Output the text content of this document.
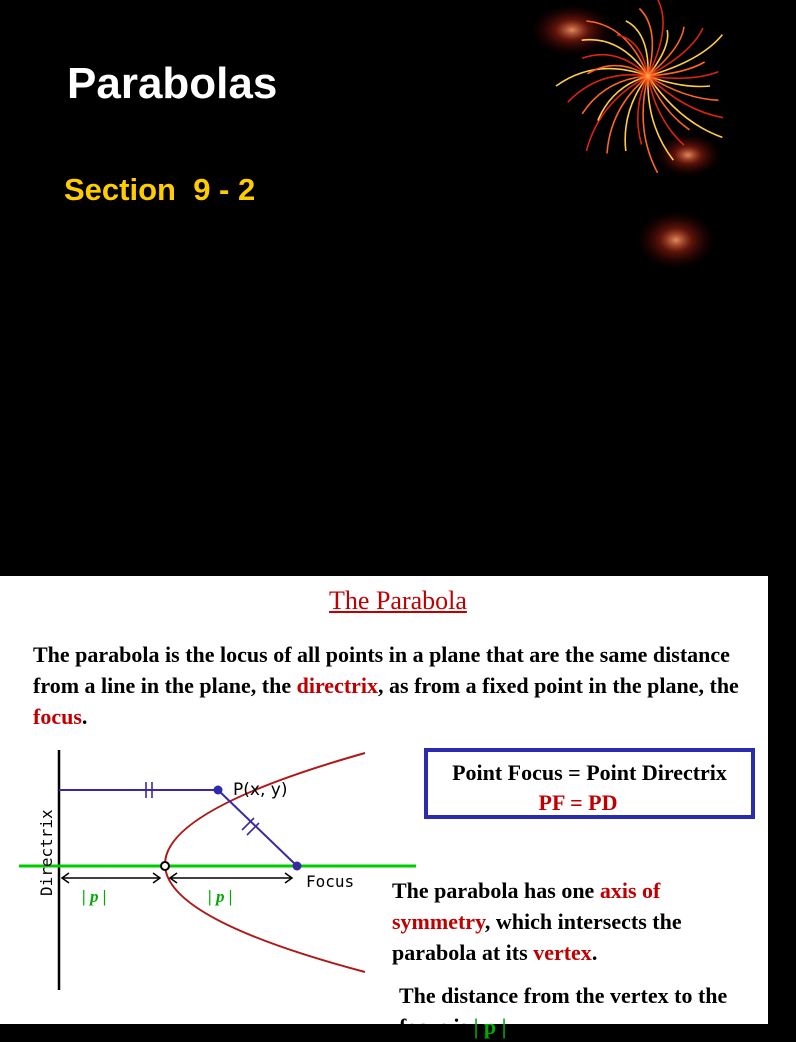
Parabolas
Section  9 - 2
The Parabola

The parabola is the locus of all points in a plane that are the same distance from a line in the plane, the directrix, as from a fixed point in the plane, the focus.

Directrix
P(x, y)
Focus
| p |	| p |
Point Focus = Point Directrix
PF = PD

The parabola has one axis of symmetry, which intersects the parabola at its vertex.

The distance from the vertex to the focus is | p |
